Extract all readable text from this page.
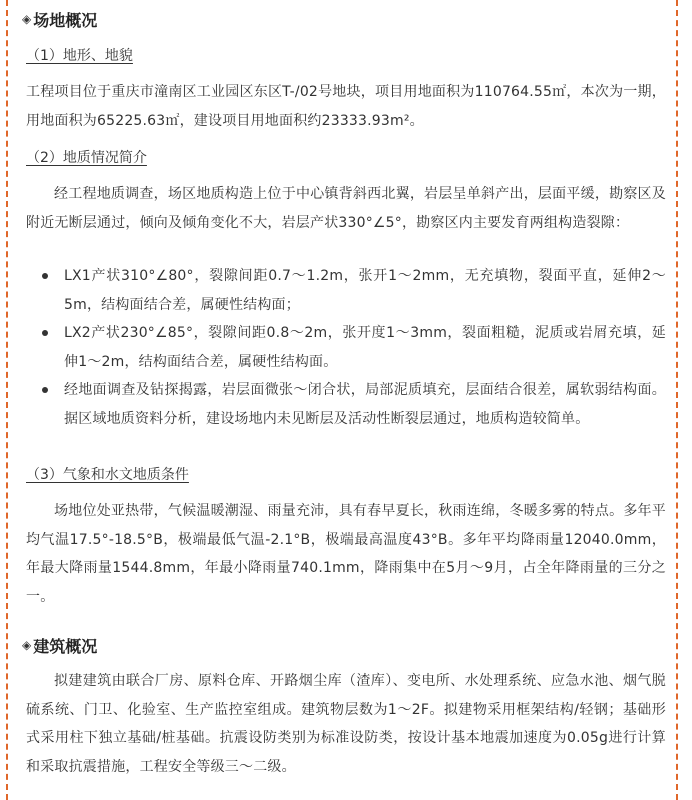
◈ 场地概况
（1）地形、地貌

工程项目位于重庆市潼南区工业园区东区T-/02号地块，项目用地面积为110764.55㎡，本次为一期，用地面积为65225.63㎡，建设项目用地面积约23333.93m²。

（2）地质情况简介

经工程地质调查，场区地质构造上位于中心镇背斜西北翼，岩层呈单斜产出，层面平缓，勘察区及附近无断层通过，倾向及倾角变化不大，岩层产状330°∠5°，勘察区内主要发育两组构造裂隙：

LX1产状310°∠80°，裂隙间距0.7～1.2m，张开1～2mm，无充填物，裂面平直，延伸2～5m，结构面结合差，属硬性结构面；
LX2产状230°∠85°，裂隙间距0.8～2m，张开度1～3mm，裂面粗糙，泥质或岩屑充填，延伸1～2m，结构面结合差，属硬性结构面。
经地面调查及钻探揭露，岩层面微张～闭合状，局部泥质填充，层面结合很差，属软弱结构面。据区域地质资料分析，建设场地内未见断层及活动性断裂层通过，地质构造较简单。
（3）气象和水文地质条件

场地位处亚热带，气候温暖潮湿、雨量充沛，具有春早夏长，秋雨连绵，冬暖多雾的特点。多年平均气温17.5°-18.5°B，极端最低气温-2.1°B，极端最高温度43°B。多年平均降雨量12040.0mm，年最大降雨量1544.8mm，年最小降雨量740.1mm，降雨集中在5月～9月，占全年降雨量的三分之一。

◈ 建筑概况

拟建建筑由联合厂房、原料仓库、开路烟尘库（渣库）、变电所、水处理系统、应急水池、烟气脱硫系统、门卫、化验室、生产监控室组成。建筑物层数为1～2F。拟建物采用框架结构/轻钢；基础形式采用柱下独立基础/桩基础。抗震设防类别为标准设防类，按设计基本地震加速度为0.05g进行计算和采取抗震措施，工程安全等级三～二级。
